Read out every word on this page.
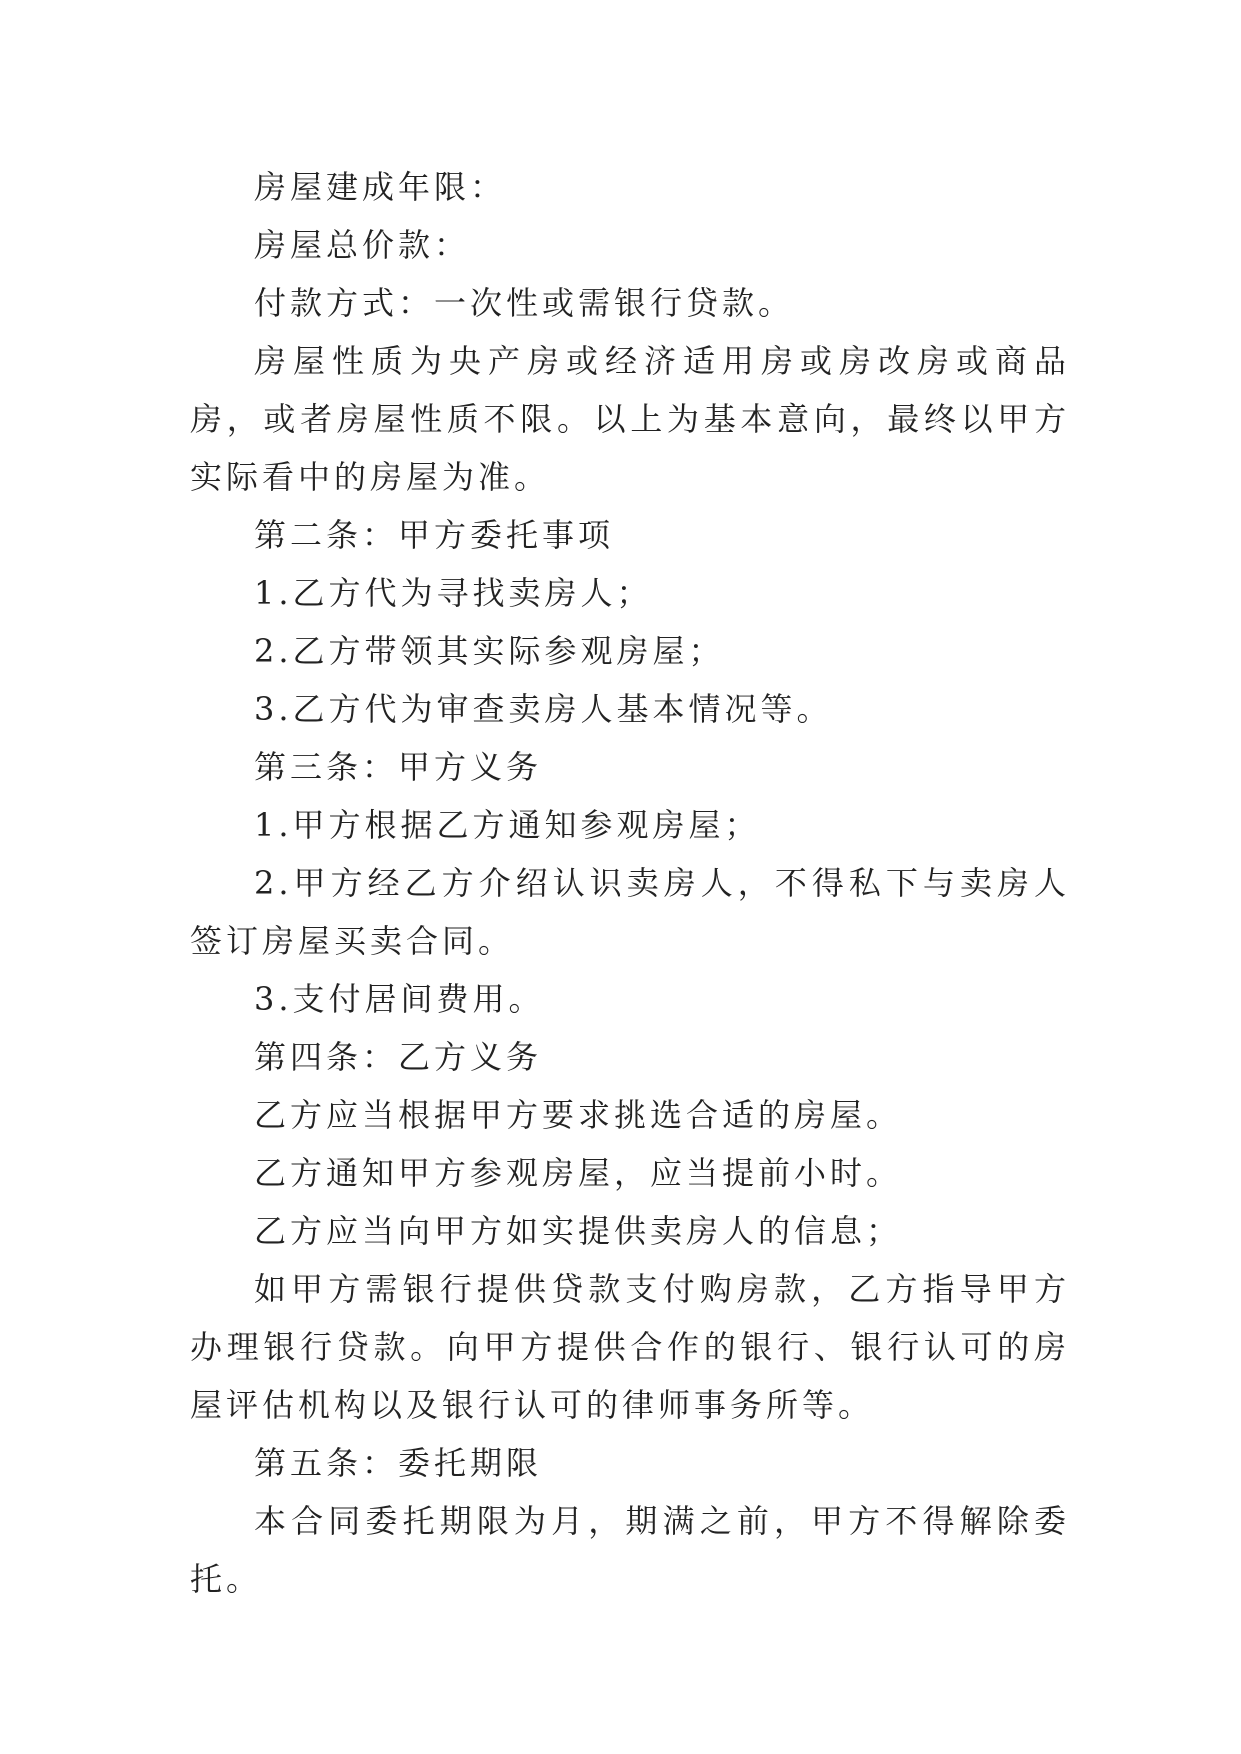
房屋建成年限：

房屋总价款：

付款方式：一次性或需银行贷款。

房屋性质为央产房或经济适用房或房改房或商品房，或者房屋性质不限。以上为基本意向，最终以甲方实际看中的房屋为准。

第二条：甲方委托事项

1.乙方代为寻找卖房人；

2.乙方带领其实际参观房屋；

3.乙方代为审查卖房人基本情况等。

第三条：甲方义务

1.甲方根据乙方通知参观房屋；

2.甲方经乙方介绍认识卖房人，不得私下与卖房人签订房屋买卖合同。

3.支付居间费用。

第四条：乙方义务

乙方应当根据甲方要求挑选合适的房屋。

乙方通知甲方参观房屋，应当提前小时。

乙方应当向甲方如实提供卖房人的信息；

如甲方需银行提供贷款支付购房款，乙方指导甲方办理银行贷款。向甲方提供合作的银行、银行认可的房屋评估机构以及银行认可的律师事务所等。

第五条：委托期限

本合同委托期限为月，期满之前，甲方不得解除委托。
